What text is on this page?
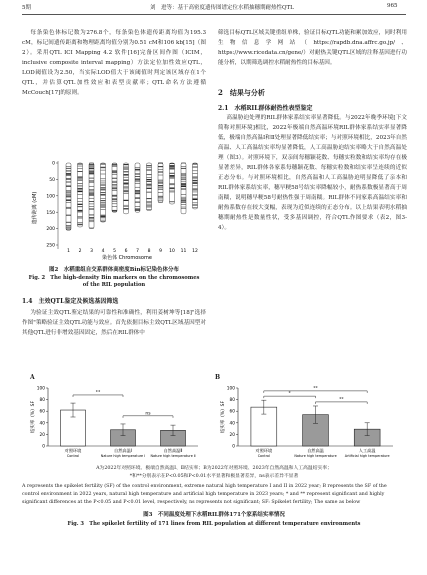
5期	刘　进等：基于高密度遗传图谱定位水稻抽穗期耐热性QTL	965

每条染色体标记数为276.8个，每条染色体遗传距离均值为195.3 cM，标记间遗传距离和物理距离均值分别为0.51 cM和106 kb[15]（图2）。采用QTL ICI Mapping 4.2 软件[16]完备区间作图（ICIM，inclusive composite interval mapping）方法定位加性效应QTL，LOD阈值设为2.50，当实际LOD值大于该阈值时判定该区域存在1个QTL，并估算QTL加性效应和表型贡献率；QTL命名方法遵循McCouch[17]的原则。

遗传距离 (cM)
0
50
100
150
200
250
1 2 3 4 5 6 7 8 9 10 11 12
染色体 Chromosome
图2　水稻重组自交系群体高密度Bin标记染色体分布
Fig. 2　The high-density Bin markers on the chromosomes
of the RIL population
1.4　主效QTL鉴定及候选基因筛选

为验证主效QTL鉴定结果的可靠性和准确性，利用姜树坤等[18]"选择作图"策略验证主效QTL功能与效应。首先依据目标主效QTL区域基因型对其他QTL进行非增效基因固定，然后在RIL群体中

筛选目标QTL区域关键重组单株，验证目标QTL功能和累加效应，同时利用生物信息学网站（https://rapdb.dna.affrc.go.jp/、https://www.ricedata.cn/gene/）对耐热关键QTL区域的注释基因进行功能分析，以期筛选调控水稻耐热性的目标基因。

2　结果与分析
2.1　水稻RIL群体耐热性表型鉴定

高温胁迫处理的RIL群体家系结实率显著降低。与2022年晚季环境[下文简称对照环境]相比，2022年极端自然高温环境RIL群体家系结实率显著降低，极端自然高温Ⅰ和Ⅱ处理显著降低结实率；与对照环境相比，2023年自然高温、人工高温结实率均显著降低，人工高温胁迫结实率略大于自然高温处理（图3）。对照环境下，双亲间每穗颖花数、每穗实粒数和结实率均存在极显著差异，RIL群体各家系每穗颖花数、每穗实粒数和结实率呈连续的近似正态分布。与对照环境相比，自然高温和人工高温胁迫明显降低了亲本和RIL群体家系结实率，穗早粳58号结实率降幅较小，耐热系数极显著高于周南糯，说明穗早粳58号耐热性强于周南糯。RIL群体不同家系高温结实率和耐热系数存在较大变幅，表现为近似连续的正态分布。以上结果表明水稻抽穗期耐热性是数量性状，受多基因调控，符合QTL作图要求（表2，图3-4）。

A	B
结实率（%）SF
0
20
40
60
80
100
对照环境
Control
自然高温Ⅰ
Nature high temperature Ⅰ
自然高温Ⅱ
Nature high temperature Ⅱ
**
ns	结实率（%）SF
0
20
40
60
80
100
对照环境
Control
自然高温
Nature high temperature
人工高温
Artificial high temperature
*
**
**
A为2022年对照环境、极端自然高温Ⅰ、Ⅱ结实率；B为2022年对照环境、2023年自然高温和人工高温结实率；
*和**分别表示在P<0.05和P<0.01水平显著和极显著差异，ns表示差异不显著
A represents the spikelet fertility (SF) of the control environment, extreme natural high temperature I and II in 2022 year; B represents the SF of the
control environment in 2022 years, natural high temperature and artificial high temperature in 2023 years; * and ** represent significant and highly
significant differences at the P<0.05 and P<0.01 level, respectively, ns represents not significant; SF: Spikelet fertility; The same as below
图3　不同温度处理下水稻RIL群体171个家系结实率情况
Fig. 3　The spikelet fertility of 171 lines from RIL population at different temperature environments
